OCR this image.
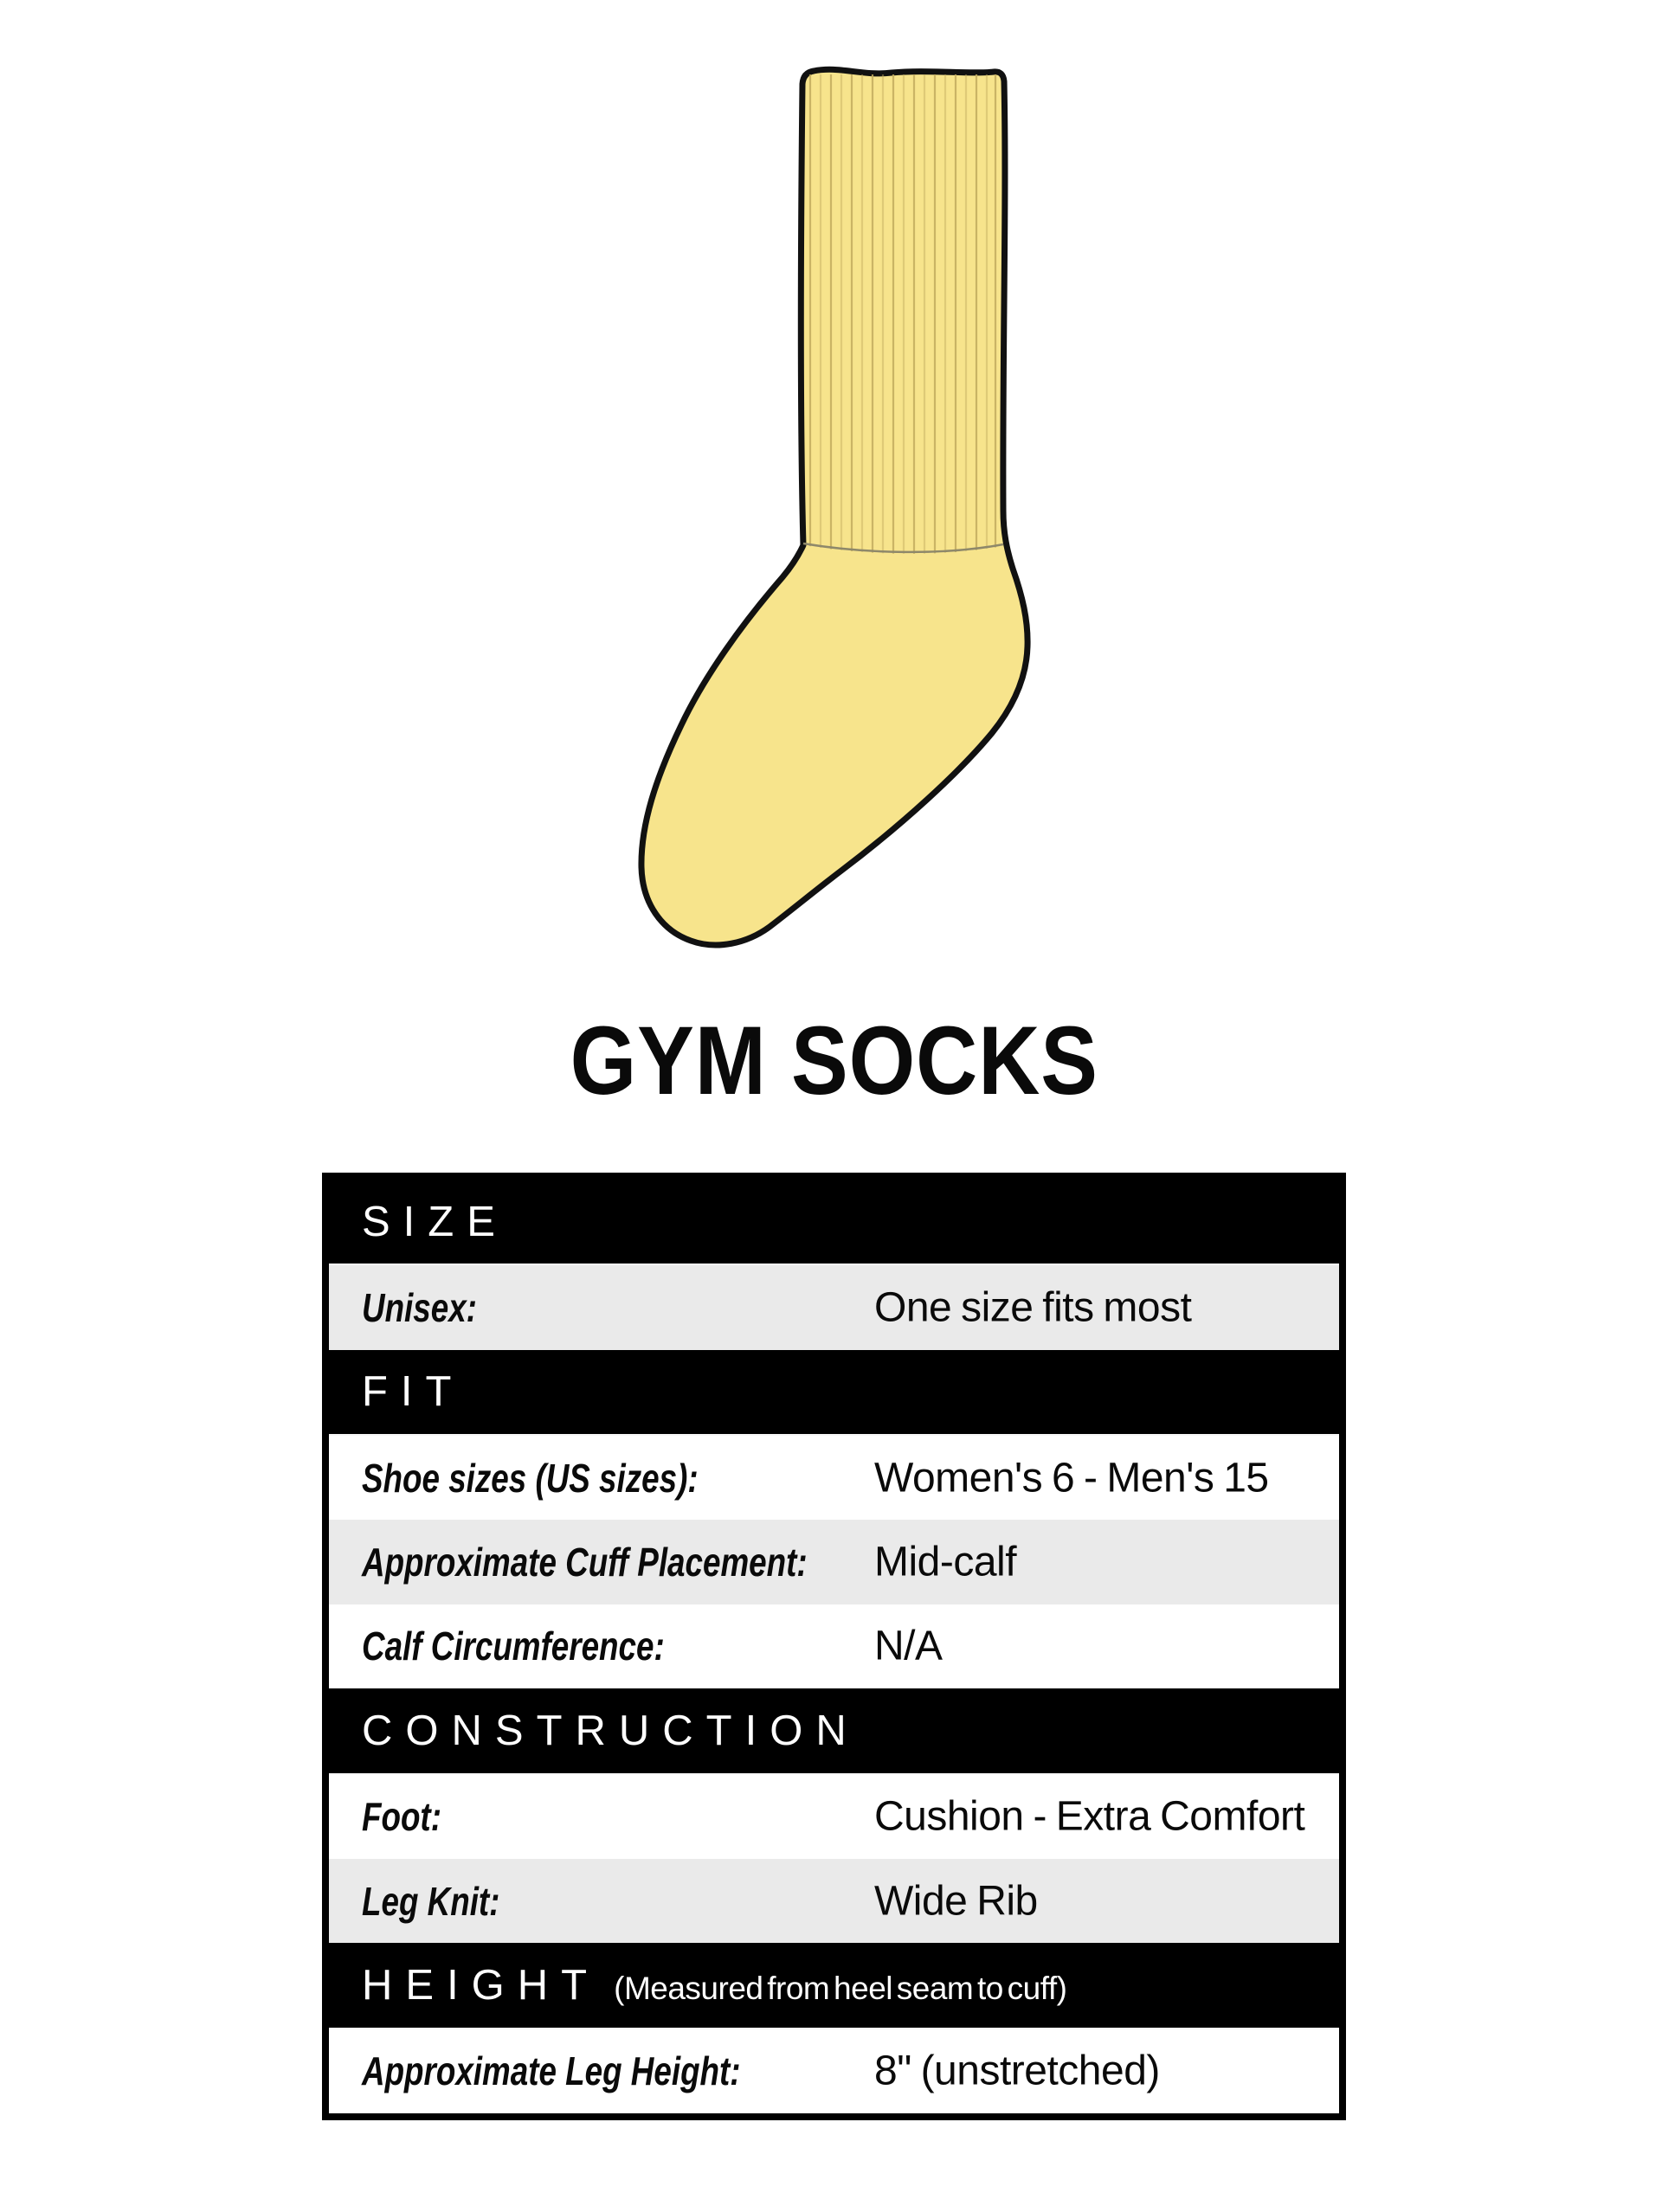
GYM SOCKS
SIZE
Unisex:	One size fits most
FIT
Shoe sizes (US sizes):	Women's 6 - Men's 15
Approximate Cuff Placement: Mid-calf
Calf Circumference:	N/A
CONSTRUCTION
Foot:	Cushion - Extra Comfort
Leg Knit:	Wide Rib
HEIGHT (Measured from heel seam to cuff)
Approximate Leg Height:	8" (unstretched)
